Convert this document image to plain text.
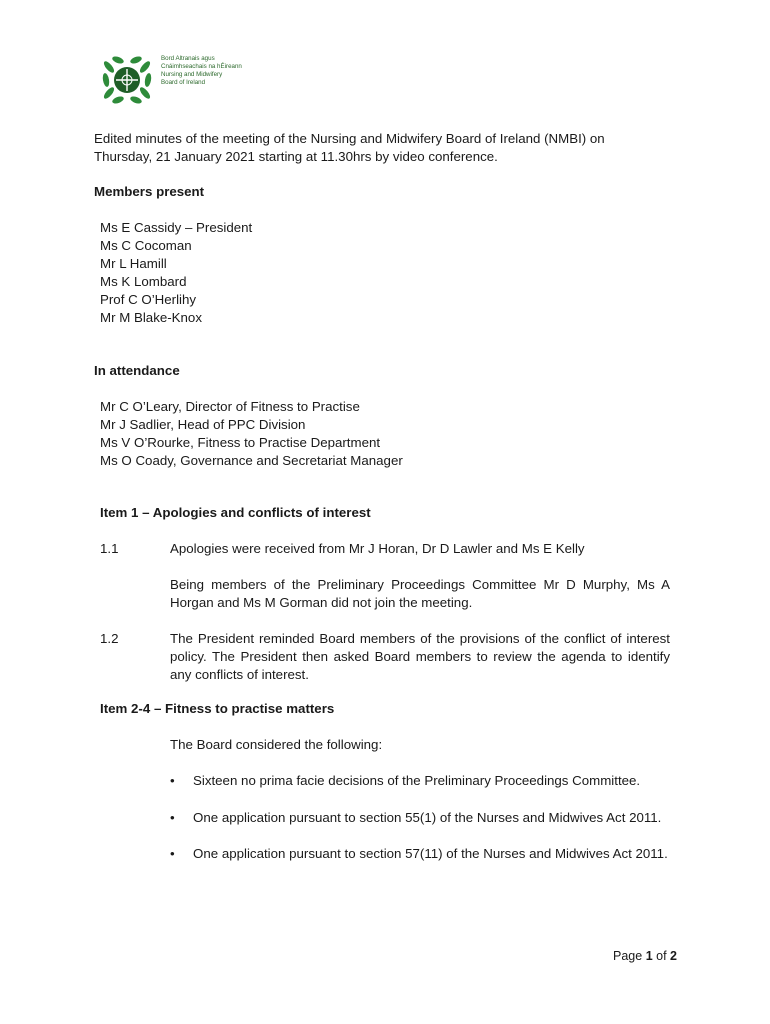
Bord Altranais agus
Cnáimhseachais na hÉireann
Nursing and Midwifery
Board of Ireland
Edited minutes of the meeting of the Nursing and Midwifery Board of Ireland (NMBI) on
Thursday, 21 January 2021 starting at 11.30hrs by video conference.
Members present
Ms E Cassidy – President
Ms C Cocoman
Mr L Hamill
Ms K Lombard
Prof C O’Herlihy
Mr M Blake-Knox
In attendance
Mr C O’Leary, Director of Fitness to Practise
Mr J Sadlier, Head of PPC Division
Ms V O’Rourke, Fitness to Practise Department
Ms O Coady, Governance and Secretariat Manager
Item 1 – Apologies and conflicts of interest
1.1	Apologies were received from Mr J Horan, Dr D Lawler and Ms E Kelly
Being members of the Preliminary Proceedings Committee Mr D Murphy, Ms A Horgan and Ms M Gorman did not join the meeting.
1.2	The President reminded Board members of the provisions of the conflict of interest policy. The President then asked Board members to review the agenda to identify any conflicts of interest.
Item 2-4 – Fitness to practise matters
The Board considered the following:
• Sixteen no prima facie decisions of the Preliminary Proceedings Committee.
• One application pursuant to section 55(1) of the Nurses and Midwives Act 2011.
• One application pursuant to section 57(11) of the Nurses and Midwives Act 2011.
Page 1 of 2
